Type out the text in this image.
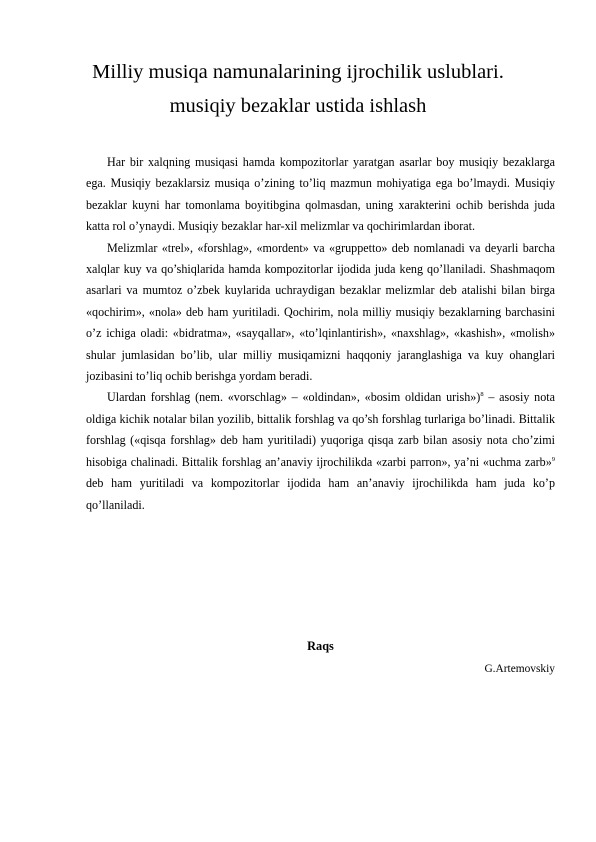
Milliy musiqa namunalarining ijrochilik uslublari.
musiqiy bezaklar ustida ishlash

Har bir xalqning musiqasi hamda kompozitorlar yaratgan asarlar boy musiqiy bezaklarga ega. Musiqiy bezaklarsiz musiqa o’zining to’liq mazmun mohiyatiga ega bo’lmaydi. Musiqiy bezaklar kuyni har tomonlama boyitibgina qolmasdan, uning xarakterini ochib berishda juda katta rol o’ynaydi. Musiqiy bezaklar har-xil melizmlar va qochirimlardan iborat.

Melizmlar «trel», «forshlag», «mordent» va «gruppetto» deb nomlanadi va deyarli barcha xalqlar kuy va qo’shiqlarida hamda kompozitorlar ijodida juda keng qo’llaniladi. Shashmaqom asarlari va mumtoz o’zbek kuylarida uchraydigan bezaklar melizmlar deb atalishi bilan birga «qochirim», «nola» deb ham yuritiladi. Qochirim, nola milliy musiqiy bezaklarning barchasini o’z ichiga oladi: «bidratma», «sayqallar», «to’lqinlantirish», «naxshlag», «kashish», «molish» shular jumlasidan bo’lib, ular milliy musiqamizni haqqoniy jaranglashiga va kuy ohanglari jozibasini to’liq ochib berishga yordam beradi.

Ulardan forshlag (nem. «vorschlag» – «oldindan», «bosim oldidan urish»)$^8$ – asosiy nota oldiga kichik notalar bilan yozilib, bittalik forshlag va qo’sh forshlag turlariga bo’linadi. Bittalik forshlag («qisqa forshlag» deb ham yuritiladi) yuqoriga qisqa zarb bilan asosiy nota cho’zimi hisobiga chalinadi. Bittalik forshlag an’anaviy ijrochilikda «zarbi parron», ya’ni «uchma zarb»$^9$ deb ham yuritiladi va kompozitorlar ijodida ham an’anaviy ijrochilikda ham juda ko’p qo’llaniladi.

Raqs
G.Artemovskiy
